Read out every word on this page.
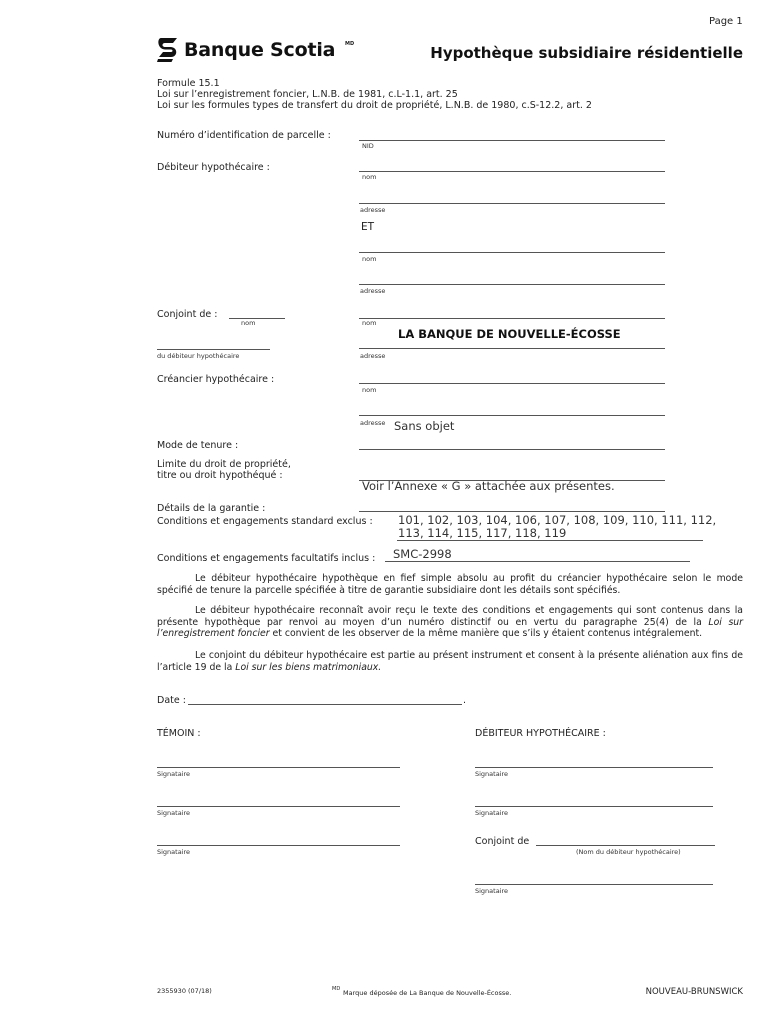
Page 1
Banque Scotia MD	Hypothèque subsidiaire résidentielle
Formule 15.1
Loi sur l’enregistrement foncier, L.N.B. de 1981, c.L-1.1, art. 25
Loi sur les formules types de transfert du droit de propriété, L.N.B. de 1980, c.S-12.2, art. 2
Numéro d’identification de parcelle :
NID
Débiteur hypothécaire :
nom
adresse
ET
nom
adresse
Conjoint de :
nom	nom
LA BANQUE DE NOUVELLE-ÉCOSSE
du débiteur hypothécaire	adresse
Créancier hypothécaire :
nom
adresse Sans objet
Mode de tenure :
Limite du droit de propriété,
titre ou droit hypothéqué :
Voir l’Annexe « G » attachée aux présentes.
Détails de la garantie :
Conditions et engagements standard exclus : 101, 102, 103, 104, 106, 107, 108, 109, 110, 111, 112,
113, 114, 115, 117, 118, 119
Conditions et engagements facultatifs inclus : SMC-2998
Le débiteur hypothécaire hypothèque en fief simple absolu au profit du créancier hypothécaire selon le mode spécifié de tenure la parcelle spécifiée à titre de garantie subsidiaire dont les détails sont spécifiés.
Le débiteur hypothécaire reconnaît avoir reçu le texte des conditions et engagements qui sont contenus dans la présente hypothèque par renvoi au moyen d’un numéro distinctif ou en vertu du paragraphe 25(4) de la Loi sur l’enregistrement foncier et convient de les observer de la même manière que s’ils y étaient contenus intégralement.
Le conjoint du débiteur hypothécaire est partie au présent instrument et consent à la présente aliénation aux fins de l’article 19 de la Loi sur les biens matrimoniaux.
Date :	.
TÉMOIN :	DÉBITEUR HYPOTHÉCAIRE :
Signataire	Signataire
Signataire	Signataire
Signataire
Conjoint de
(Nom du débiteur hypothécaire)
Signataire
2355930 (07/18)	MD Marque déposée de La Banque de Nouvelle-Écosse.	NOUVEAU-BRUNSWICK
